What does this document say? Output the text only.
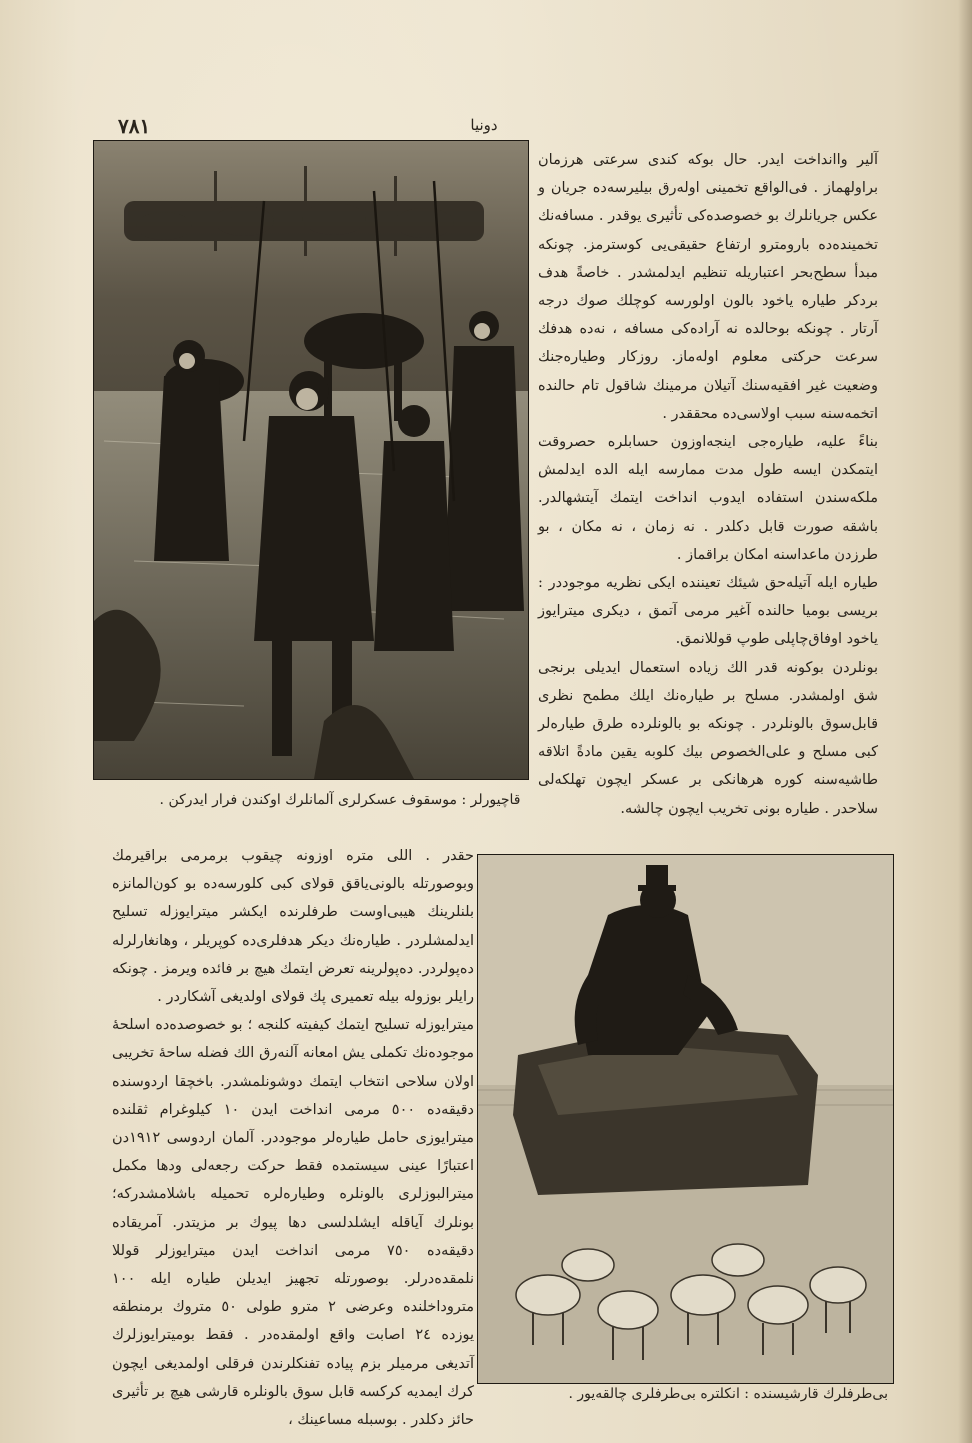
٧٨١	دونيا
قاچيورلر : موسقوف عسكرلرى آلمانلرك اوكندن فرار ايدركن .

آلير واانداخت ايدر. حال بوكه كندى سرعتى هرزمان براولهماز . فى‌الواقع تخمينى اوله‌رق بيليرسه‌ده جريان و عكس جريانلرك بو خصوصده‌كى تأثيرى يوقدر . مسافه‌نك تخمينده‌ده بارومترو ارتفاع حقيقى‌يى كوسترمز. چونكه مبدأ سطح‌بحر اعتباريله تنظيم ايدلمشدر . خاصةً هدف بردكر طياره ياخود بالون اولورسه كوچلك صوك درجه آرتار . چونكه بوحالده نه آراده‌كى مسافه ، نه‌ده هدفك سرعت حركتى معلوم اوله‌ماز. روزكار وطياره‌جنك وضعيت غير افقيه‌سنك آتيلان مرمينك شاقول تام حالنده اتخمه‌سنه سبب اولاسى‌ده محققدر .

بناءً عليه، طياره‌جى اينجه‌اوزون حسابلره حصروقت ايتمكدن ايسه طول مدت ممارسه ايله الده ايدلمش ملكه‌سندن استفاده ايدوب انداخت ايتمك آيتشهالدر. باشقه صورت قابل دكلدر . نه زمان ، نه مكان ، بو طرزدن ماعداسنه امكان براقماز .

طياره ايله آتيله‌حق شيئك تعيننده ايكى نظريه موجوددر : بريسى بوميا حالنده آغير مرمى آتمق ، ديكرى ميترايوز ياخود اوفاق‌چاپلى طوپ قوللانمق.

بونلردن بوكونه قدر الك زياده استعمال ايديلى برنجى شق اولمشدر. مسلح بر طياره‌نك ايلك مطمح نظرى قابل‌سوق بالونلردر . چونكه بو بالونلرده طرق طياره‌لر كبى مسلح و على‌الخصوص بيك كلوبه يقين مادةً اتلاقه طاشيه‌سنه كوره هرهانكى بر عسكر ايچون تهلكه‌لى سلاحدر . طياره بونى تخريب ايچون چالشه.

حقدر . اللى متره اوزونه چيقوب برمرمى براقيرمك وبوصورتله بالونى‌ياقق قولاى كبى كلورسه‌ده بو كون‌المانزه بلنلرينك هيبى‌اوست طرفلرنده ايكشر ميترايوزله تسليح ايدلمشلردر . طياره‌نك ديكر هدفلرى‌ده كوپريلر ، وهانغارلرله ده‌پولردر. ده‌پولرينه تعرض ايتمك هيچ بر فائده ويرمز . چونكه رايلر بوزوله بيله تعميرى پك قولاى اولديغى آشكاردر .

ميترايوزله تسليح ايتمك كيفيته كلنجه ؛ بو خصوصده‌ده اسلحهٔ موجوده‌نك تكملى يش امعانه آلنه‌رق الك فضله ساحهٔ تخريبى اولان سلاحى انتخاب ايتمك دوشونلمشدر. باخچقا اردوسنده دقيقه‌ده ٥٠٠ مرمى انداخت ايدن ١٠ كيلوغرام ثقلنده ميترايوزى حامل طياره‌لر موجوددر. آلمان اردوسى ١٩١٢دن اعتبارًا عينى سيستمده فقط حركت رجعه‌لى ودها مكمل ميترالبوزلرى بالونلره وطياره‌لره تحميله باشلامشدركه؛ بونلرك آياقله ايشلدلسى دها پيوك بر مزيتدر. آمريقاده دقيقه‌ده ٧٥٠ مرمى انداخت ايدن ميترايوزلر قوللا نلمقده‌درلر. بوصورتله تجهيز ايديلن طياره ايله ١٠٠ متروداخلنده وعرضى ٢ مترو طولى ٥٠ متروك برمنطقه يوزده ٢٤ اصابت واقع اولمقده‌در . فقط بوميترايوزلرك آتديغى مرميلر بزم پياده تفنكلرندن فرقلى اولمديغى ايچون كرك ايمديه كركسه قابل سوق بالونلره قارشى هيچ بر تأثيرى حائز دكلدر . بوسبله مساعينك ،

بى‌طرفلرك قارشيسنده : انكلتره بى‌طرفلرى چالقه‌يور .
